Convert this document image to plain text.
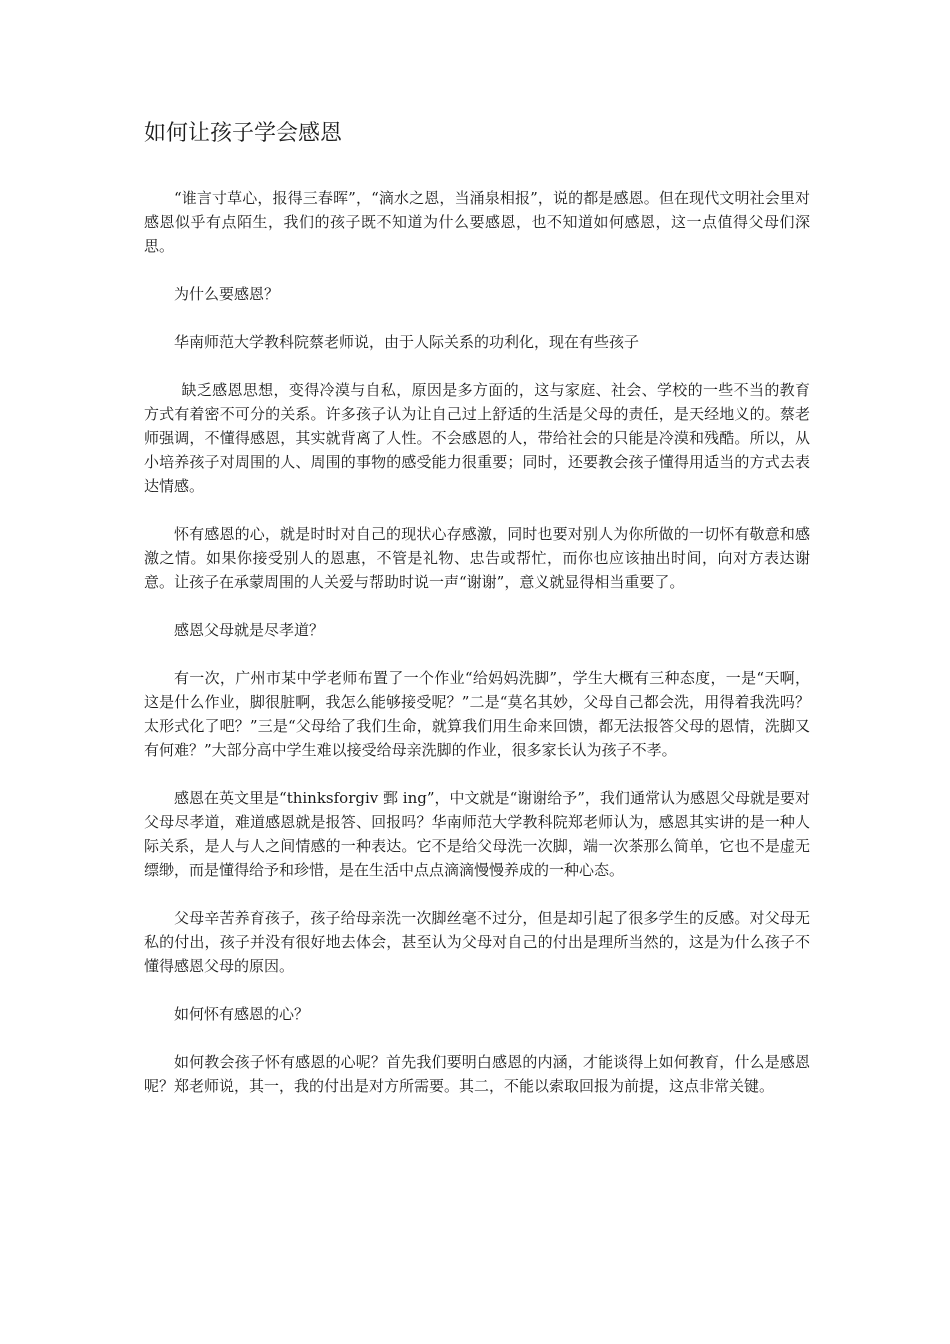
如何让孩子学会感恩

“谁言寸草心，报得三春晖”，“滴水之恩，当涌泉相报”，说的都是感恩。但在现代文明社会里对感恩似乎有点陌生，我们的孩子既不知道为什么要感恩，也不知道如何感恩，这一点值得父母们深思。

为什么要感恩？

华南师范大学教科院蔡老师说，由于人际关系的功利化，现在有些孩子

缺乏感恩思想，变得冷漠与自私，原因是多方面的，这与家庭、社会、学校的一些不当的教育方式有着密不可分的关系。许多孩子认为让自己过上舒适的生活是父母的责任，是天经地义的。蔡老师强调，不懂得感恩，其实就背离了人性。不会感恩的人，带给社会的只能是冷漠和残酷。所以，从小培养孩子对周围的人、周围的事物的感受能力很重要；同时，还要教会孩子懂得用适当的方式去表达情感。

怀有感恩的心，就是时时对自己的现状心存感激，同时也要对别人为你所做的一切怀有敬意和感激之情。如果你接受别人的恩惠，不管是礼物、忠告或帮忙，而你也应该抽出时间，向对方表达谢意。让孩子在承蒙周围的人关爱与帮助时说一声“谢谢”，意义就显得相当重要了。

感恩父母就是尽孝道？

有一次，广州市某中学老师布置了一个作业“给妈妈洗脚”，学生大概有三种态度，一是“天啊，这是什么作业，脚很脏啊，我怎么能够接受呢？”二是“莫名其妙，父母自己都会洗，用得着我洗吗？太形式化了吧？”三是“父母给了我们生命，就算我们用生命来回馈，都无法报答父母的恩情，洗脚又有何难？”大部分高中学生难以接受给母亲洗脚的作业，很多家长认为孩子不孝。

感恩在英文里是“thinksforgiv 鄄 ing”，中文就是“谢谢给予”，我们通常认为感恩父母就是要对父母尽孝道，难道感恩就是报答、回报吗？华南师范大学教科院郑老师认为，感恩其实讲的是一种人际关系，是人与人之间情感的一种表达。它不是给父母洗一次脚，端一次茶那么简单，它也不是虚无缥缈，而是懂得给予和珍惜，是在生活中点点滴滴慢慢养成的一种心态。

父母辛苦养育孩子，孩子给母亲洗一次脚丝毫不过分，但是却引起了很多学生的反感。对父母无私的付出，孩子并没有很好地去体会，甚至认为父母对自己的付出是理所当然的，这是为什么孩子不懂得感恩父母的原因。

如何怀有感恩的心？

如何教会孩子怀有感恩的心呢？首先我们要明白感恩的内涵，才能谈得上如何教育，什么是感恩呢？郑老师说，其一，我的付出是对方所需要。其二，不能以索取回报为前提，这点非常关键。
